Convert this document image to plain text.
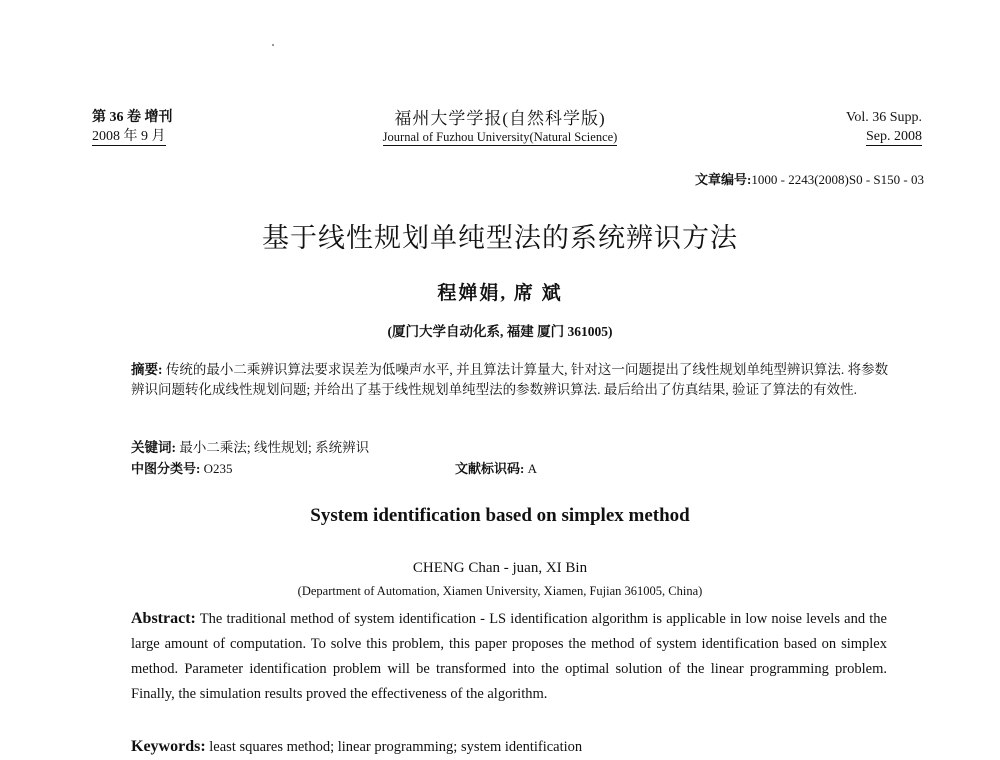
第 36 卷 增刊
2008 年 9 月
福州大学学报(自然科学版)
Journal of Fuzhou University(Natural Science)
Vol. 36 Supp.
Sep. 2008
文章编号:1000 - 2243(2008)S0 - S150 - 03
基于线性规划单纯型法的系统辨识方法
程婵娟, 席 斌
(厦门大学自动化系, 福建 厦门 361005)
摘要: 传统的最小二乘辨识算法要求误差为低噪声水平, 并且算法计算量大, 针对这一问题提出了线性规划单纯型辨识算法. 将参数辨识问题转化成线性规划问题; 并给出了基于线性规划单纯型法的参数辨识算法. 最后给出了仿真结果, 验证了算法的有效性.
关键词: 最小二乘法; 线性规划; 系统辨识
中图分类号: O235	文献标识码: A
System identification based on simplex method
CHENG Chan - juan, XI Bin
(Department of Automation, Xiamen University, Xiamen, Fujian 361005, China)
Abstract: The traditional method of system identification - LS identification algorithm is applicable in low noise levels and the large amount of computation. To solve this problem, this paper proposes the method of system identification based on simplex method. Parameter identification problem will be transformed into the optimal solution of the linear programming problem. Finally, the simulation results proved the effectiveness of the algorithm.
Keywords: least squares method; linear programming; system identification
